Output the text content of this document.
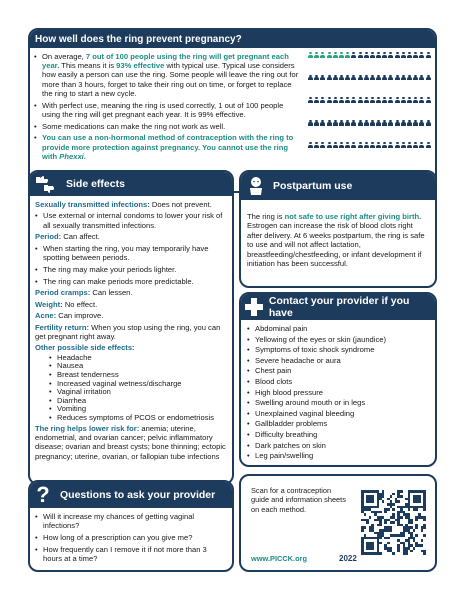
How well does the ring prevent pregnancy?
• On average, 7 out of 100 people using the ring will get pregnant each year. This means it is 93% effective with typical use. Typical use considers how easily a person can use the ring. Some people will leave the ring out for more than 3 hours, forget to take their ring out on time, or forget to replace the ring to start a new cycle.
• With perfect use, meaning the ring is used correctly, 1 out of 100 people using the ring will get pregnant each year. It is 99% effective.
• Some medications can make the ring not work as well.
• You can use a non-hormonal method of contraception with the ring to provide more protection against pregnancy. You cannot use the ring with Phexxi.
Side effects
Sexually transmitted infections: Does not prevent.
• Use external or internal condoms to lower your risk of all sexually transmitted infections.
Period: Can affect.
• When starting the ring, you may temporarily have spotting between periods.
• The ring may make your periods lighter.
• The ring can make periods more predictable.
Period cramps: Can lessen.
Weight: No effect.
Acne: Can improve.
Fertility return: When you stop using the ring, you can get pregnant right away.
Other possible side effects:
• Headache
• Nausea
• Breast tenderness
• Increased vaginal wetness/discharge
• Vaginal irritation
• Diarrhea
• Vomiting
• Reduces symptoms of PCOS or endometriosis
The ring helps lower risk for: anemia; uterine, endometrial, and ovarian cancer; pelvic inflammatory disease; ovarian and breast cysts; bone thinning; ectopic pregnancy; uterine, ovarian, or fallopian tube infections
Postpartum use
The ring is not safe to use right after giving birth. Estrogen can increase the risk of blood clots right after delivery. At 6 weeks postpartum, the ring is safe to use and will not affect lactation, breastfeeding/chestfeeding, or infant development if initiation has been successful.
Contact your provider if you have
• Abdominal pain
• Yellowing of the eyes or skin (jaundice)
• Symptoms of toxic shock syndrome
• Severe headache or aura
• Chest pain
• Blood clots
• High blood pressure
• Swelling around mouth or in legs
• Unexplained vaginal bleeding
• Gallbladder problems
• Difficulty breathing
• Dark patches on skin
• Leg pain/swelling
? Questions to ask your provider
• Will it increase my chances of getting vaginal infections?
• How long of a prescription can you give me?
• How frequently can I remove it if not more than 3 hours at a time?
Scan for a contraception guide and information sheets on each method.
www.PICCK.org	2022
